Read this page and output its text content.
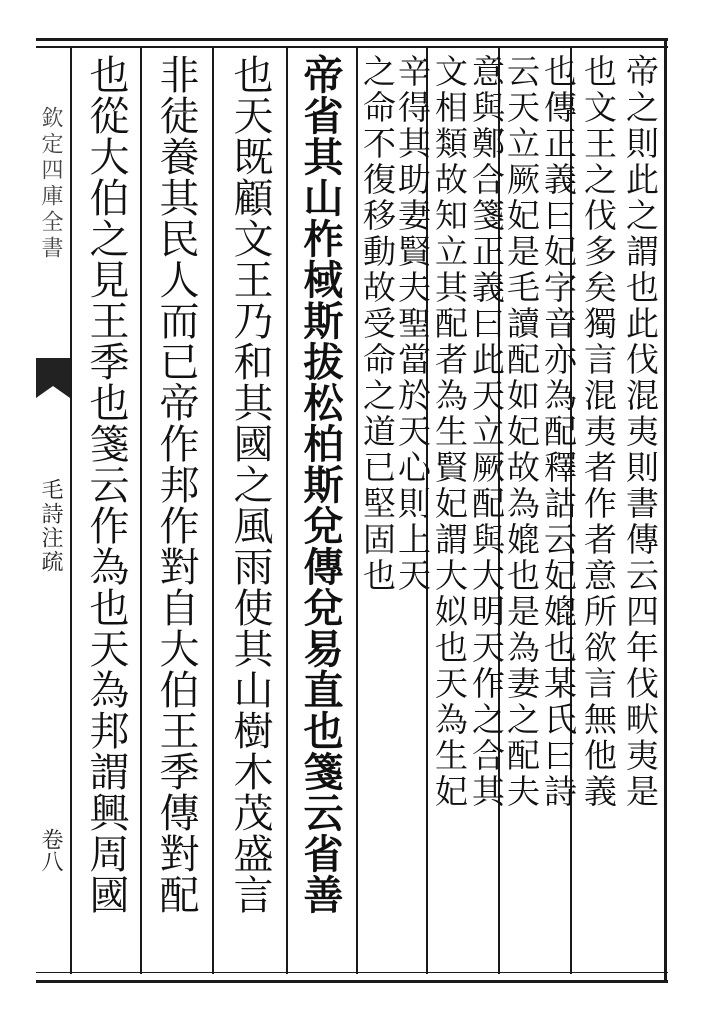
欽定四庫全書
毛詩注疏
卷八
帝之則此之謂也此伐混夷則書傳云四年伐畎夷是
也文王之伐多矣獨言混夷者作者意所欲言無他義
也傳正義曰妃字音亦為配釋詁云妃媲也某氏曰詩
云天立厥妃是毛讀配如妃故為媲也是為妻之配夫
意與鄭合箋正義曰此天立厥配與大明天作之合其
文相類故知立其配者為生賢妃謂大姒也天為生妃
辛得其助妻賢夫聖當於天心則上天
之命不復移動故受命之道已堅固也
帝省其山柞棫斯拔松柏斯兌傳兌易直也箋云省善
也天既顧文王乃和其國之風雨使其山樹木茂盛言
非徒養其民人而已帝作邦作對自大伯王季傳對配
也從大伯之見王季也箋云作為也天為邦謂興周國
